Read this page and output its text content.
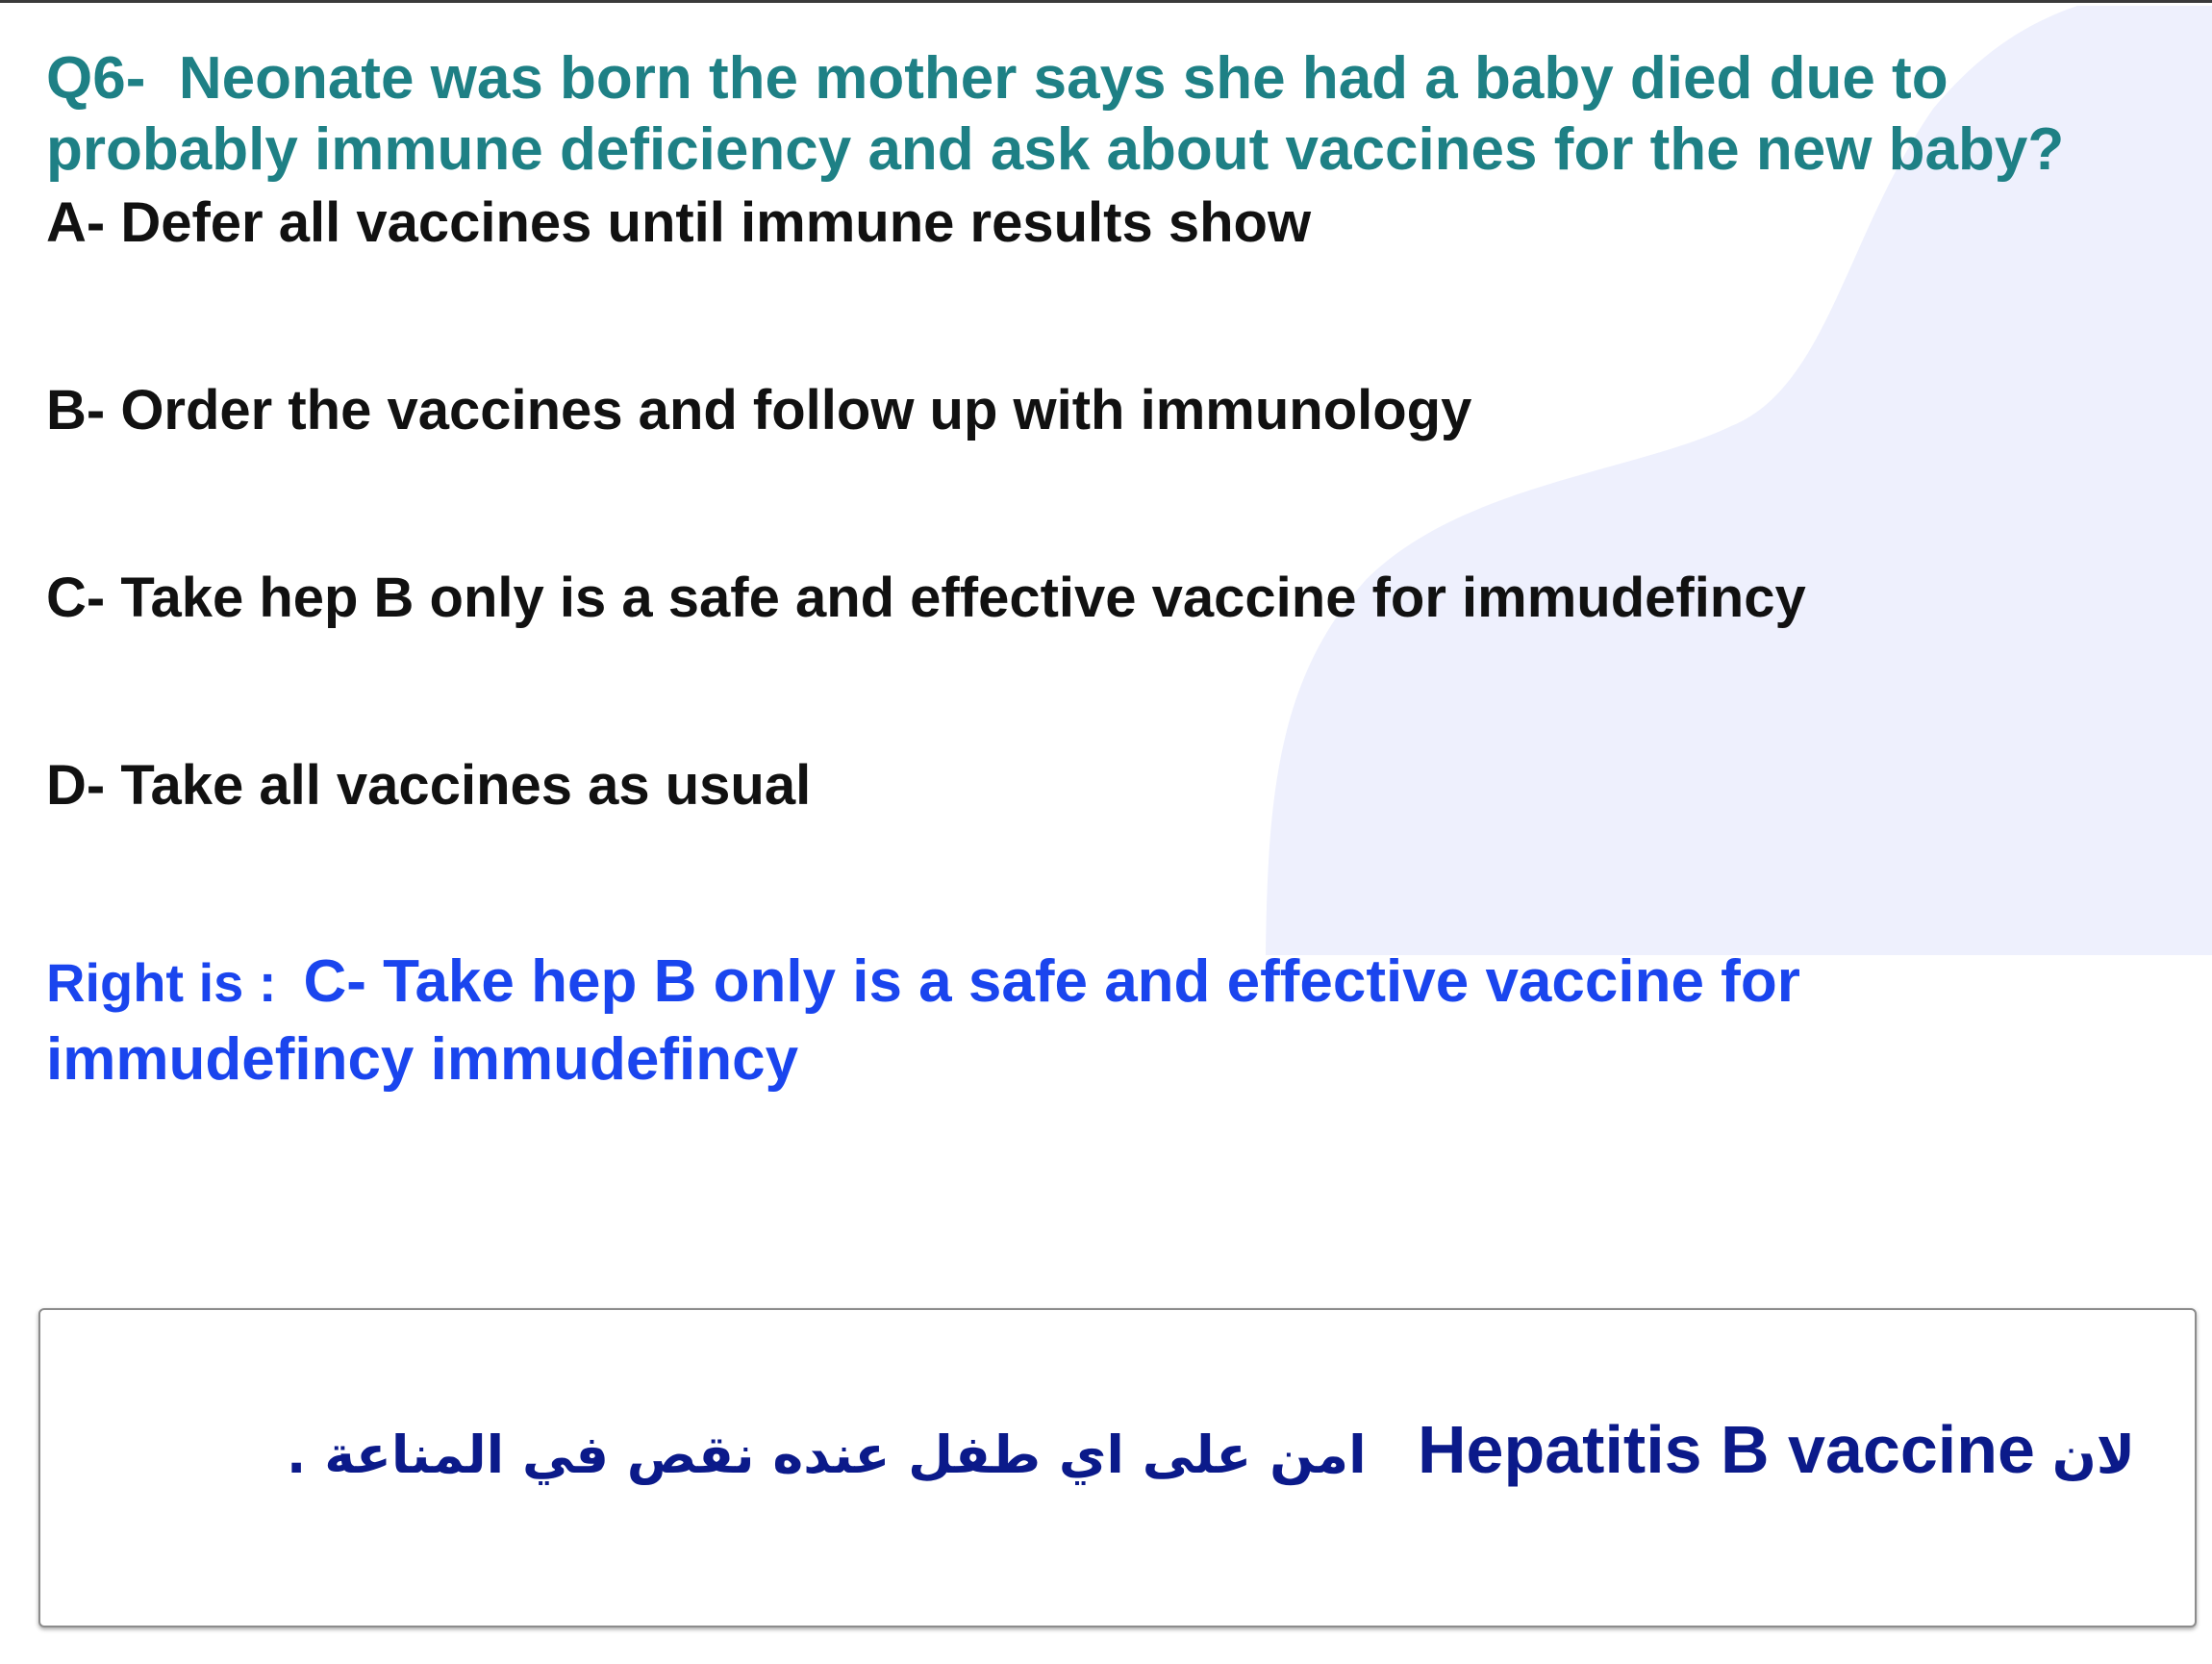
Q6- Neonate was born the mother says she had a baby died due to probably immune deficiency and ask about vaccines for the new baby?

A- Defer all vaccines until immune results show

B- Order the vaccines and follow up with immunology

C- Take hep B only is a safe and effective vaccine for immudefincy

D- Take all vaccines as usual

Right is : C- Take hep B only is a safe and effective vaccine for immudefincy immudefincy

لان Hepatitis B vaccine   امن على اي طفل عنده نقص في المناعة .
